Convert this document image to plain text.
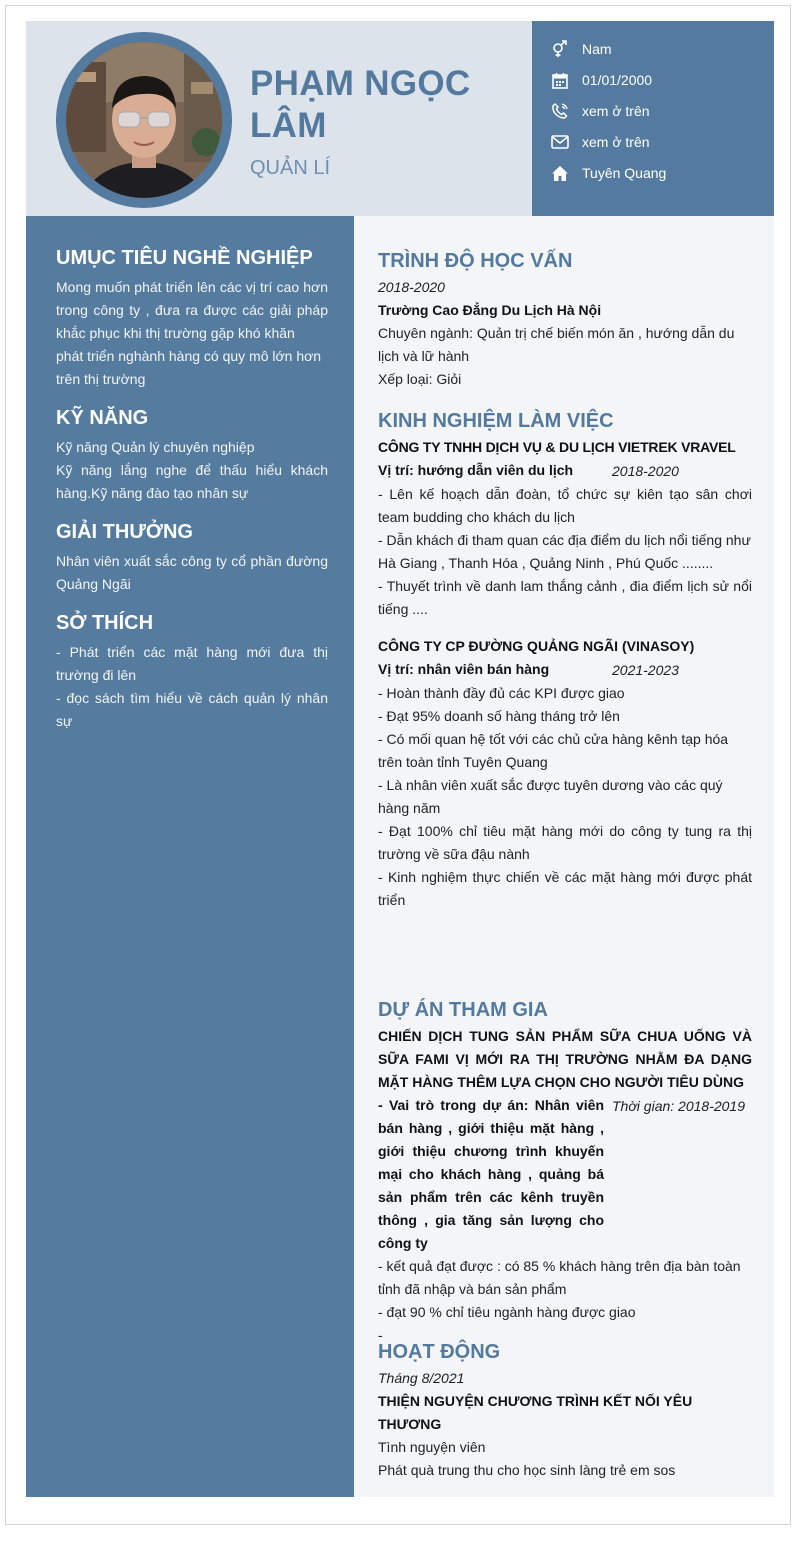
PHẠM NGỌC LÂM
QUẢN LÍ
Nam
01/01/2000
xem ở trên
xem ở trên
Tuyên Quang
UMỤC TIÊU NGHỀ NGHIỆP
Mong muốn phát triển lên các vị trí cao hơn trong công ty , đưa ra được các giải pháp khắc phục khi thị trường gặp khó khăn
phát triển nghành hàng có quy mô lớn hơn trên thị trường
KỸ NĂNG
Kỹ năng Quản lý chuyên nghiệp
Kỹ năng lắng nghe để thấu hiểu khách hàng.Kỹ năng đào tạo nhân sự
GIẢI THƯỞNG
Nhân viên xuất sắc công ty cổ phần đường Quảng Ngãi
SỞ THÍCH
- Phát triển các mặt hàng mới đưa thị trường đi lên
- đọc sách tìm hiểu về cách quản lý nhân sự
TRÌNH ĐỘ HỌC VẤN
2018-2020
Trường Cao Đẳng Du Lịch Hà Nội
Chuyên ngành: Quản trị chế biến món ăn , hướng dẫn du lịch và lữ hành
Xếp loại: Giỏi
KINH NGHIỆM LÀM VIỆC
CÔNG TY TNHH DỊCH VỤ & DU LỊCH VIETREK VRAVEL
Vị trí: hướng dẫn viên du lịch	2018-2020
- Lên kế hoạch dẫn đoàn, tổ chức sự kiên tạo sân chơi team budding cho khách du lịch
- Dẫn khách đi tham quan các địa điểm du lịch nổi tiếng như Hà Giang , Thanh Hóa , Quảng Ninh , Phú Quốc ........
- Thuyết trình về danh lam thắng cảnh , đia điểm lịch sử nổi tiếng ....
CÔNG TY CP ĐƯỜNG QUẢNG NGÃI (VINASOY)
Vị trí: nhân viên bán hàng	2021-2023
- Hoàn thành đầy đủ các KPI được giao
- Đạt 95% doanh số hàng tháng trở lên
- Có mối quan hệ tốt với các chủ cửa hàng kênh tạp hóa trên toàn tỉnh Tuyên Quang
- Là nhân viên xuất sắc được tuyên dương vào các quý hàng năm
- Đạt 100% chỉ tiêu mặt hàng mới do công ty tung ra thị trường về sữa đậu nành
- Kinh nghiệm thực chiến về các mặt hàng mới được phát triển
DỰ ÁN THAM GIA
CHIẾN DỊCH TUNG SẢN PHẨM SỮA CHUA UỐNG VÀ SỮA FAMI VỊ MỚI RA THỊ TRƯỜNG NHẰM ĐA DẠNG MẶT HÀNG THÊM LỰA CHỌN CHO NGƯỜI TIÊU DÙNG
- Vai trò trong dự án: Nhân viên bán hàng , giới thiệu mặt hàng , giới thiệu chương trình khuyến mại cho khách hàng , quảng bá sản phẩm trên các kênh truyền thông , gia tăng sản lượng cho công ty
Thời gian: 2018-2019
- kết quả đạt được : có 85 % khách hàng trên địa bàn toàn tỉnh đã nhập và bán sản phẩm
- đạt 90 % chỉ tiêu ngành hàng được giao
-
HOẠT ĐỘNG
Tháng 8/2021
THIỆN NGUYỆN CHƯƠNG TRÌNH KẾT NỐI YÊU THƯƠNG
Tình nguyện viên
Phát quà trung thu cho học sinh làng trẻ em sos
